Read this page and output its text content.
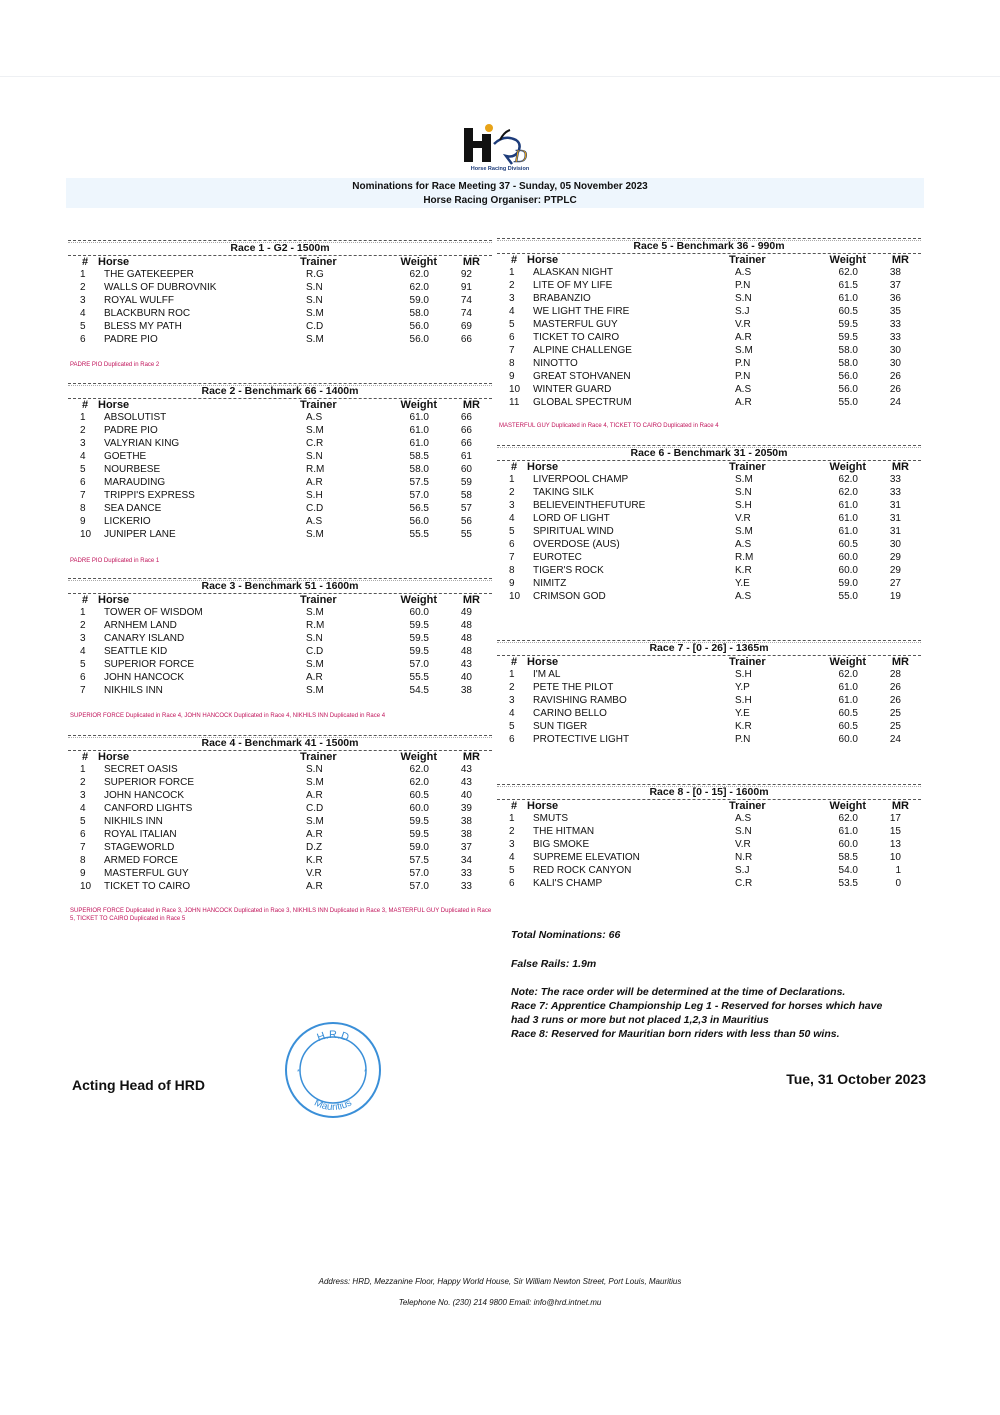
D
Horse Racing Division
Nominations for Race Meeting 37 - Sunday, 05 November 2023
Horse Racing Organiser: PTPLC
Race 1 - G2 - 1500m
# Horse	Trainer	Weight	MR
1	THE GATEKEEPER	R.G	62.0	92
2	WALLS OF DUBROVNIK	S.N	62.0	91
3	ROYAL WULFF	S.N	59.0	74
4	BLACKBURN ROC	S.M	58.0	74
5	BLESS MY PATH	C.D	56.0	69
6	PADRE PIO	S.M	56.0	66
PADRE PIO Duplicated in Race 2
Race 2 - Benchmark 66 - 1400m
# Horse	Trainer	Weight	MR
1	ABSOLUTIST	A.S	61.0	66
2	PADRE PIO	S.M	61.0	66
3	VALYRIAN KING	C.R	61.0	66
4	GOETHE	S.N	58.5	61
5	NOURBESE	R.M	58.0	60
6	MARAUDING	A.R	57.5	59
7	TRIPPI'S EXPRESS	S.H	57.0	58
8	SEA DANCE	C.D	56.5	57
9	LICKERIO	A.S	56.0	56
10	JUNIPER LANE	S.M	55.5	55
PADRE PIO Duplicated in Race 1
Race 3 - Benchmark 51 - 1600m
# Horse	Trainer	Weight	MR
1	TOWER OF WISDOM	S.M	60.0	49
2	ARNHEM LAND	R.M	59.5	48
3	CANARY ISLAND	S.N	59.5	48
4	SEATTLE KID	C.D	59.5	48
5	SUPERIOR FORCE	S.M	57.0	43
6	JOHN HANCOCK	A.R	55.5	40
7	NIKHILS INN	S.M	54.5	38
SUPERIOR FORCE Duplicated in Race 4, JOHN HANCOCK Duplicated in Race 4, NIKHILS INN Duplicated in Race 4
Race 4 - Benchmark 41 - 1500m
# Horse	Trainer	Weight	MR
1	SECRET OASIS	S.N	62.0	43
2	SUPERIOR FORCE	S.M	62.0	43
3	JOHN HANCOCK	A.R	60.5	40
4	CANFORD LIGHTS	C.D	60.0	39
5	NIKHILS INN	S.M	59.5	38
6	ROYAL ITALIAN	A.R	59.5	38
7	STAGEWORLD	D.Z	59.0	37
8	ARMED FORCE	K.R	57.5	34
9	MASTERFUL GUY	V.R	57.0	33
10	TICKET TO CAIRO	A.R	57.0	33
SUPERIOR FORCE Duplicated in Race 3, JOHN HANCOCK Duplicated in Race 3, NIKHILS INN Duplicated in Race 3, MASTERFUL GUY Duplicated in Race 5, TICKET TO CAIRO Duplicated in Race 5
Race 5 - Benchmark 36 - 990m
# Horse	Trainer	Weight	MR
1	ALASKAN NIGHT	A.S	62.0	38
2	LITE OF MY LIFE	P.N	61.5	37
3	BRABANZIO	S.N	61.0	36
4	WE LIGHT THE FIRE	S.J	60.5	35
5	MASTERFUL GUY	V.R	59.5	33
6	TICKET TO CAIRO	A.R	59.5	33
7	ALPINE CHALLENGE	S.M	58.0	30
8	NINOTTO	P.N	58.0	30
9	GREAT STOHVANEN	P.N	56.0	26
10	WINTER GUARD	A.S	56.0	26
11	GLOBAL SPECTRUM	A.R	55.0	24
MASTERFUL GUY Duplicated in Race 4, TICKET TO CAIRO Duplicated in Race 4
Race 6 - Benchmark 31 - 2050m
# Horse	Trainer	Weight	MR
1	LIVERPOOL CHAMP	S.M	62.0	33
2	TAKING SILK	S.N	62.0	33
3	BELIEVEINTHEFUTURE	S.H	61.0	31
4	LORD OF LIGHT	V.R	61.0	31
5	SPIRITUAL WIND	S.M	61.0	31
6	OVERDOSE (AUS)	A.S	60.5	30
7	EUROTEC	R.M	60.0	29
8	TIGER'S ROCK	K.R	60.0	29
9	NIMITZ	Y.E	59.0	27
10	CRIMSON GOD	A.S	55.0	19
Race 7 - [0 - 26] - 1365m
# Horse	Trainer	Weight	MR
1	I'M AL	S.H	62.0	28
2	PETE THE PILOT	Y.P	61.0	26
3	RAVISHING RAMBO	S.H	61.0	26
4	CARINO BELLO	Y.E	60.5	25
5	SUN TIGER	K.R	60.5	25
6	PROTECTIVE LIGHT	P.N	60.0	24
Race 8 - [0 - 15] - 1600m
# Horse	Trainer	Weight	MR
1	SMUTS	A.S	62.0	17
2	THE HITMAN	S.N	61.0	15
3	BIG SMOKE	V.R	60.0	13
4	SUPREME ELEVATION	N.R	58.5	10
5	RED ROCK CANYON	S.J	54.0	1
6	KALI'S CHAMP	C.R	53.5	0
Total Nominations: 66
False Rails: 1.9m
Note: The race order will be determined at the time of Declarations.
Race 7: Apprentice Championship Leg 1 - Reserved for horses which have
had 3 runs or more but not placed 1,2,3 in Mauritius
Race 8: Reserved for Mauritian born riders with less than 50 wins.
H.R.D
Mauritius
*	*
Acting Head of HRD	Tue, 31 October 2023
Address: HRD, Mezzanine Floor, Happy World House, Sir William Newton Street, Port Louis, Mauritius
Telephone No. (230) 214 9800 Email: info@hrd.intnet.mu
